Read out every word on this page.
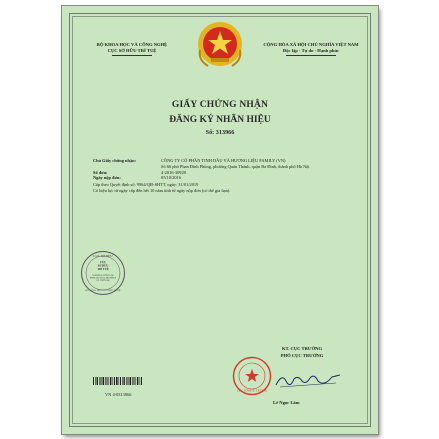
BỘ KHOA HỌC VÀ CÔNG NGHỆ
CỤC SỞ HỮU TRÍ TUỆ
CỘNG HÒA XÃ HỘI CHỦ NGHĨA VIỆT NAM
Độc lập - Tự do - Hạnh phúc
GIẤY CHỨNG NHẬN
ĐĂNG KÝ NHÃN HIỆU
Số: 313966
Chủ Giấy chứng nhận:	CÔNG TY CỔ PHẦN TINH DẦU VÀ HƯƠNG LIỆU FAMILY (VN)
Số 66 phố Phan Đình Phùng, phường Quán Thánh, quận Ba Đình, thành phố Hà Nội
Số đơn:	4-2016-30928
Ngày nộp đơn:	05/10/2016
Cấp theo Quyết định số: 9964/QĐ-SHTT, ngày: 31/01/2019
Có hiệu lực từ ngày cấp đến hết 10 năm tính từ ngày nộp đơn (có thể gia hạn).
CỤC SỞ HỮU
CỤC
SỞ HỮU
TRÍ TUỆ
NATIONAL OFFICE OF
INTELLECTUAL PROPERTY
OF VIETNAM
BỘ KHOA HỌC VÀ CÔNG NGHỆ
KT. CỤC TRƯỞNG
PHÓ CỤC TRƯỞNG
CỤC SỞ HỮU TRÍ TUỆ
Lê Ngọc Lâm
VN 4-0313966
